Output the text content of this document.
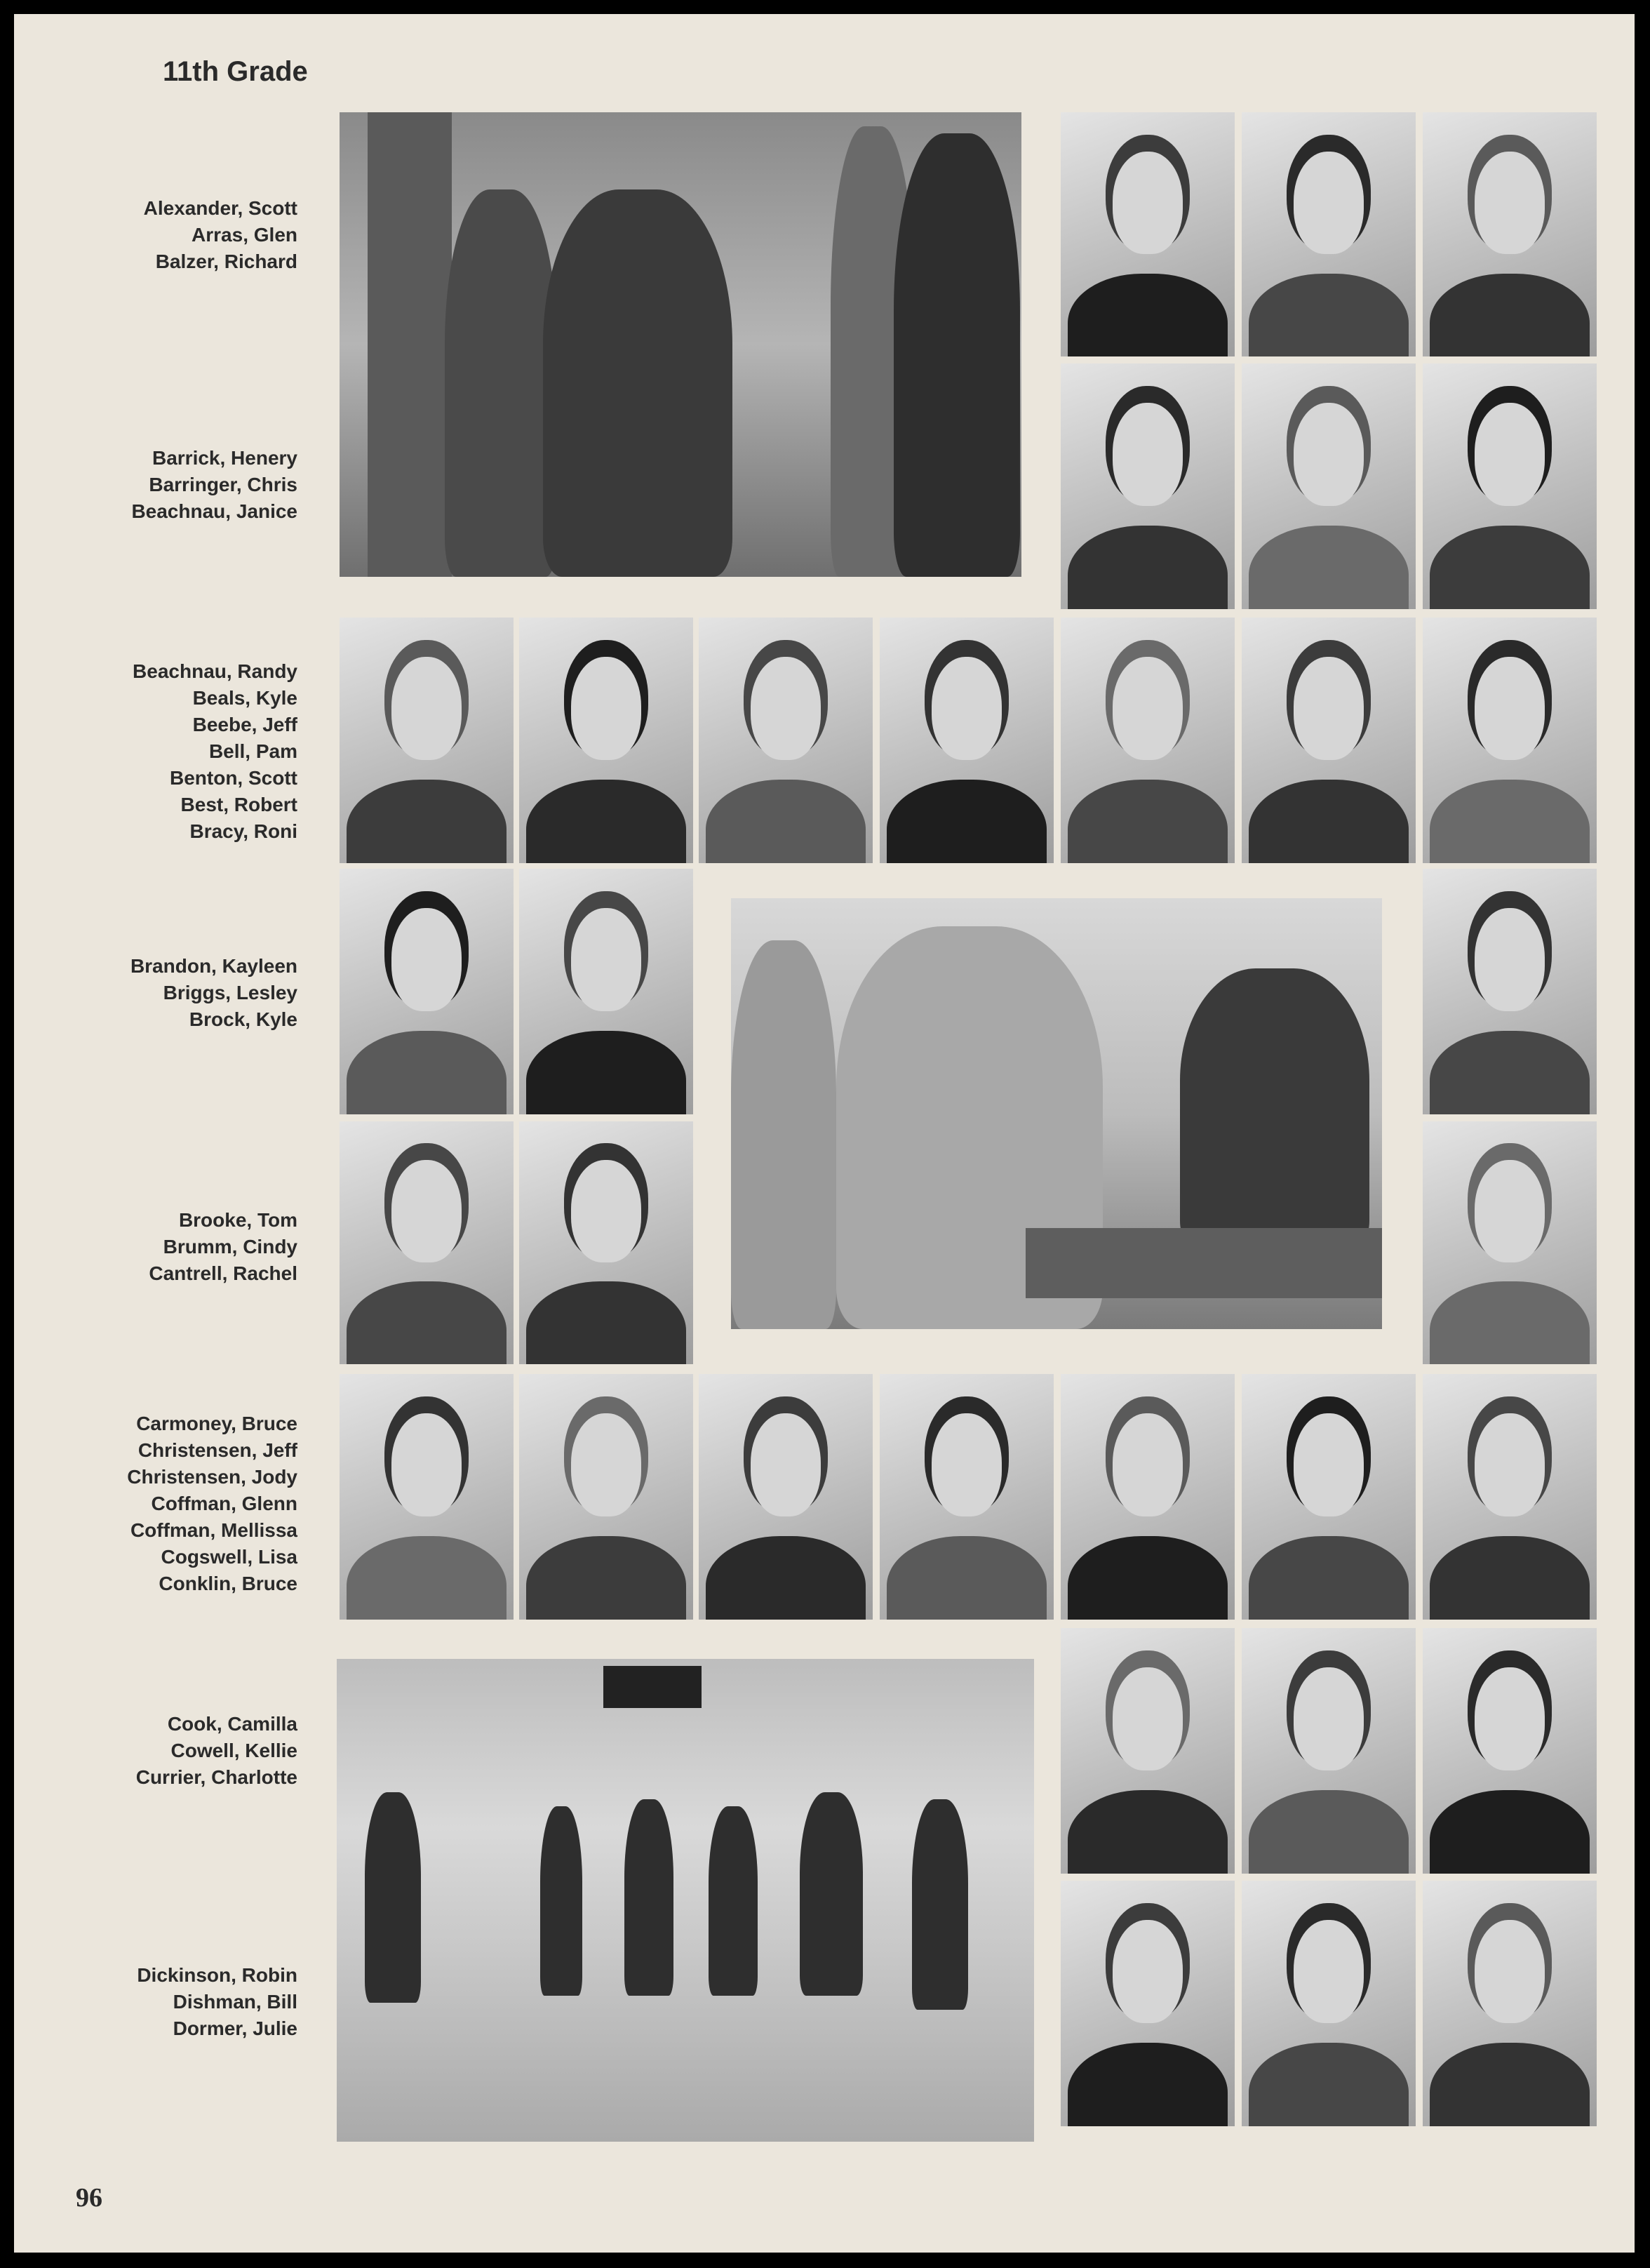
11th Grade
Alexander, Scott
Arras, Glen
Balzer, Richard
Barrick, Henery
Barringer, Chris
Beachnau, Janice
Beachnau, Randy
Beals, Kyle
Beebe, Jeff
Bell, Pam
Benton, Scott
Best, Robert
Bracy, Roni
Brandon, Kayleen
Briggs, Lesley
Brock, Kyle
Brooke, Tom
Brumm, Cindy
Cantrell, Rachel
Carmoney, Bruce
Christensen, Jeff
Christensen, Jody
Coffman, Glenn
Coffman, Mellissa
Cogswell, Lisa
Conklin, Bruce
Cook, Camilla
Cowell, Kellie
Currier, Charlotte
Dickinson, Robin
Dishman, Bill
Dormer, Julie
96
